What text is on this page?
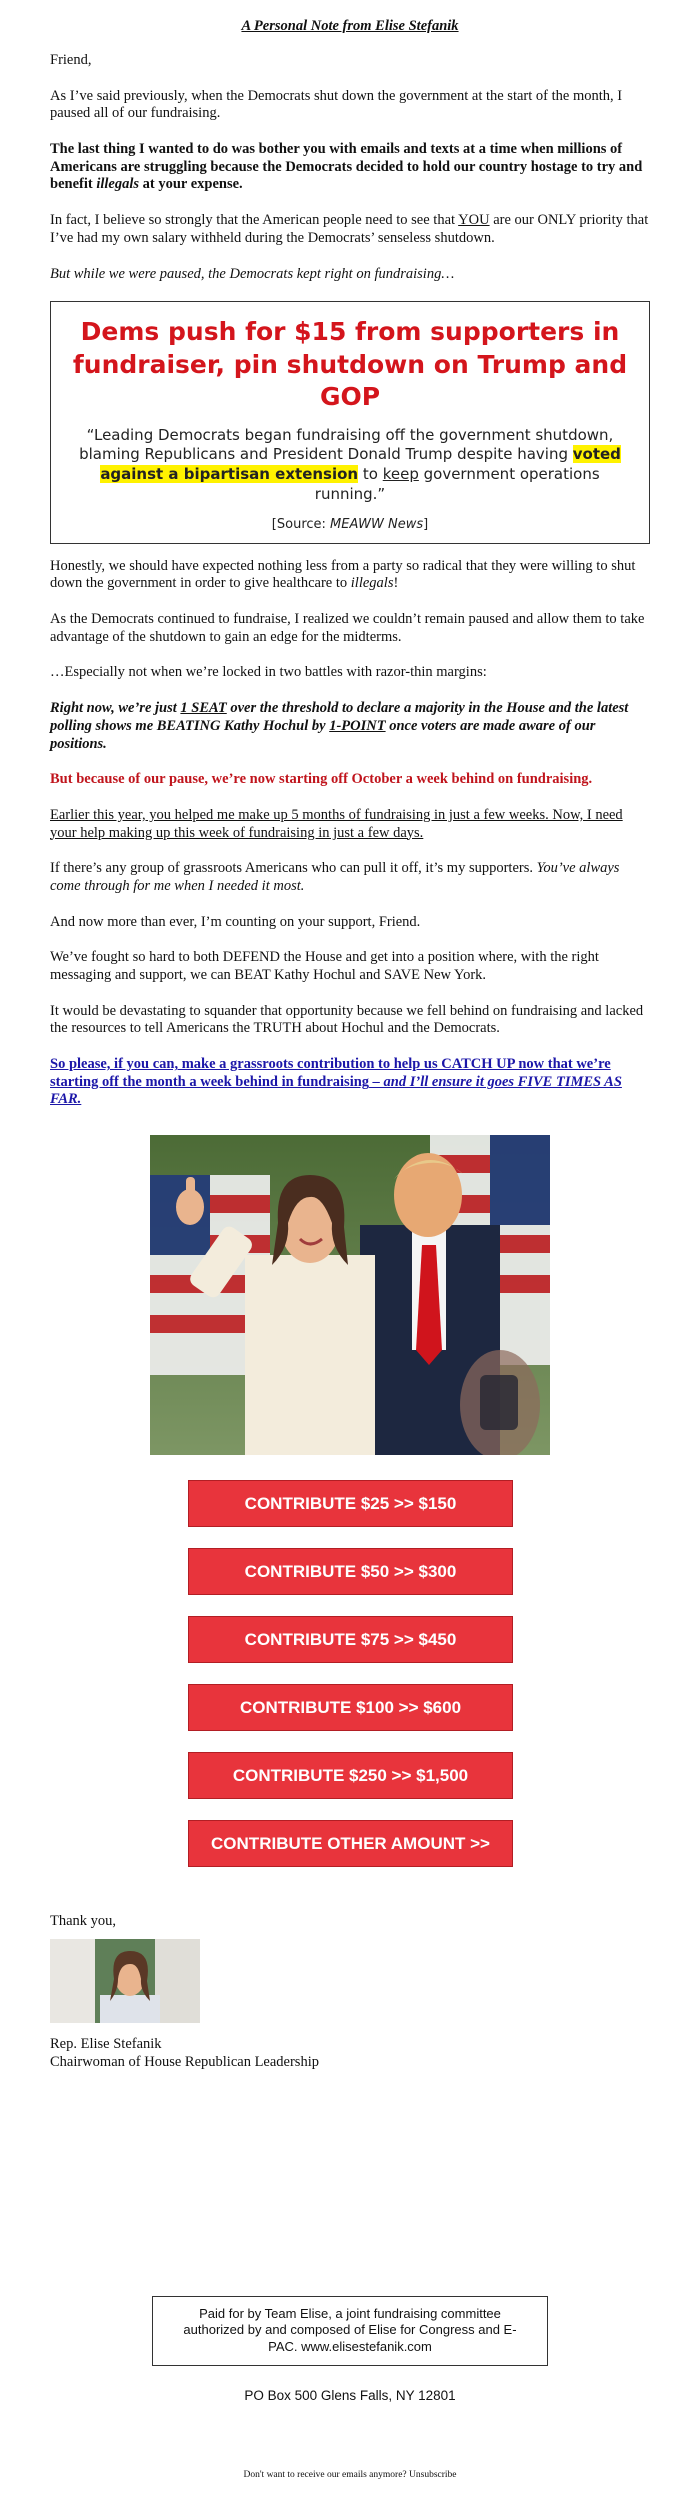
A Personal Note from Elise Stefanik

Friend,

As I’ve said previously, when the Democrats shut down the government at the start of the month, I paused all of our fundraising.

The last thing I wanted to do was bother you with emails and texts at a time when millions of Americans are struggling because the Democrats decided to hold our country hostage to try and benefit illegals at your expense.

In fact, I believe so strongly that the American people need to see that YOU are our ONLY priority that I’ve had my own salary withheld during the Democrats’ senseless shutdown.

But while we were paused, the Democrats kept right on fundraising…

Dems push for $15 from supporters in fundraiser, pin shutdown on Trump and GOP
“Leading Democrats began fundraising off the government shutdown, blaming Republicans and President Donald Trump despite having voted against a bipartisan extension to keep government operations running.”
[Source: MEAWW News]

Honestly, we should have expected nothing less from a party so radical that they were willing to shut down the government in order to give healthcare to illegals!

As the Democrats continued to fundraise, I realized we couldn’t remain paused and allow them to take advantage of the shutdown to gain an edge for the midterms.

…Especially not when we’re locked in two battles with razor-thin margins:

Right now, we’re just 1 SEAT over the threshold to declare a majority in the House and the latest polling shows me BEATING Kathy Hochul by 1-POINT once voters are made aware of our positions.

But because of our pause, we’re now starting off October a week behind on fundraising.

Earlier this year, you helped me make up 5 months of fundraising in just a few weeks. Now, I need your help making up this week of fundraising in just a few days.

If there’s any group of grassroots Americans who can pull it off, it’s my supporters. You’ve always come through for me when I needed it most.

And now more than ever, I’m counting on your support, Friend.

We’ve fought so hard to both DEFEND the House and get into a position where, with the right messaging and support, we can BEAT Kathy Hochul and SAVE New York.

It would be devastating to squander that opportunity because we fell behind on fundraising and lacked the resources to tell Americans the TRUTH about Hochul and the Democrats.

So please, if you can, make a grassroots contribution to help us CATCH UP now that we’re starting off the month a week behind in fundraising – and I’ll ensure it goes FIVE TIMES AS FAR.

CONTRIBUTE $25 >> $150
CONTRIBUTE $50 >> $300
CONTRIBUTE $75 >> $450
CONTRIBUTE $100 >> $600
CONTRIBUTE $250 >> $1,500
CONTRIBUTE OTHER AMOUNT >>
Thank you,
Rep. Elise Stefanik
Chairwoman of House Republican Leadership
Paid for by Team Elise, a joint fundraising committee authorized by and composed of Elise for Congress and E-PAC. www.elisestefanik.com
PO Box 500 Glens Falls, NY 12801
Don't want to receive our emails anymore? Unsubscribe
